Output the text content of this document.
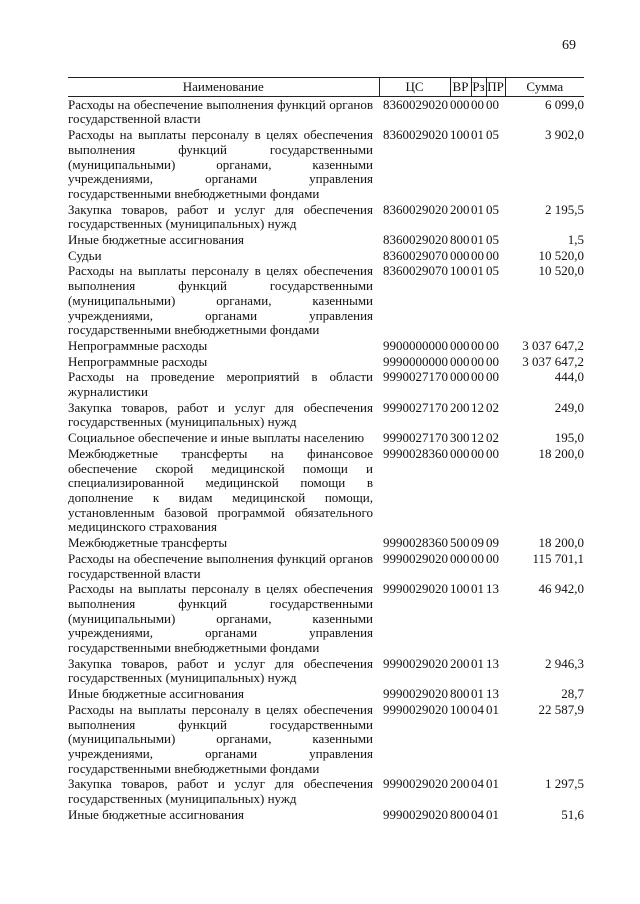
69
Наименование	ЦС	ВР	Рз	ПР	Сумма
Расходы на обеспечение выполнения функций органов государственной власти	8360029020	000	00	00	6 099,0
Расходы на выплаты персоналу в целях обеспечения выполнения функций государственными (муниципальными) органами, казенными учреждениями, органами управления государственными внебюджетными фондами	8360029020	100	01	05	3 902,0
Закупка товаров, работ и услуг для обеспечения государственных (муниципальных) нужд	8360029020	200	01	05	2 195,5
Иные бюджетные ассигнования	8360029020	800	01	05	1,5
Судьи	8360029070	000	00	00	10 520,0
Расходы на выплаты персоналу в целях обеспечения выполнения функций государственными (муниципальными) органами, казенными учреждениями, органами управления государственными внебюджетными фондами	8360029070	100	01	05	10 520,0
Непрограммные расходы	9900000000	000	00	00	3 037 647,2
Непрограммные расходы	9990000000	000	00	00	3 037 647,2
Расходы на проведение мероприятий в области журналистики	9990027170	000	00	00	444,0
Закупка товаров, работ и услуг для обеспечения государственных (муниципальных) нужд	9990027170	200	12	02	249,0
Социальное обеспечение и иные выплаты населению	9990027170	300	12	02	195,0
Межбюджетные трансферты на финансовое обеспечение скорой медицинской помощи и специализированной медицинской помощи в дополнение к видам медицинской помощи, установленным базовой программой обязательного медицинского страхования	9990028360	000	00	00	18 200,0
Межбюджетные трансферты	9990028360	500	09	09	18 200,0
Расходы на обеспечение выполнения функций органов государственной власти	9990029020	000	00	00	115 701,1
Расходы на выплаты персоналу в целях обеспечения выполнения функций государственными (муниципальными) органами, казенными учреждениями, органами управления государственными внебюджетными фондами	9990029020	100	01	13	46 942,0
Закупка товаров, работ и услуг для обеспечения государственных (муниципальных) нужд	9990029020	200	01	13	2 946,3
Иные бюджетные ассигнования	9990029020	800	01	13	28,7
Расходы на выплаты персоналу в целях обеспечения выполнения функций государственными (муниципальными) органами, казенными учреждениями, органами управления государственными внебюджетными фондами	9990029020	100	04	01	22 587,9
Закупка товаров, работ и услуг для обеспечения государственных (муниципальных) нужд	9990029020	200	04	01	1 297,5
Иные бюджетные ассигнования	9990029020	800	04	01	51,6
